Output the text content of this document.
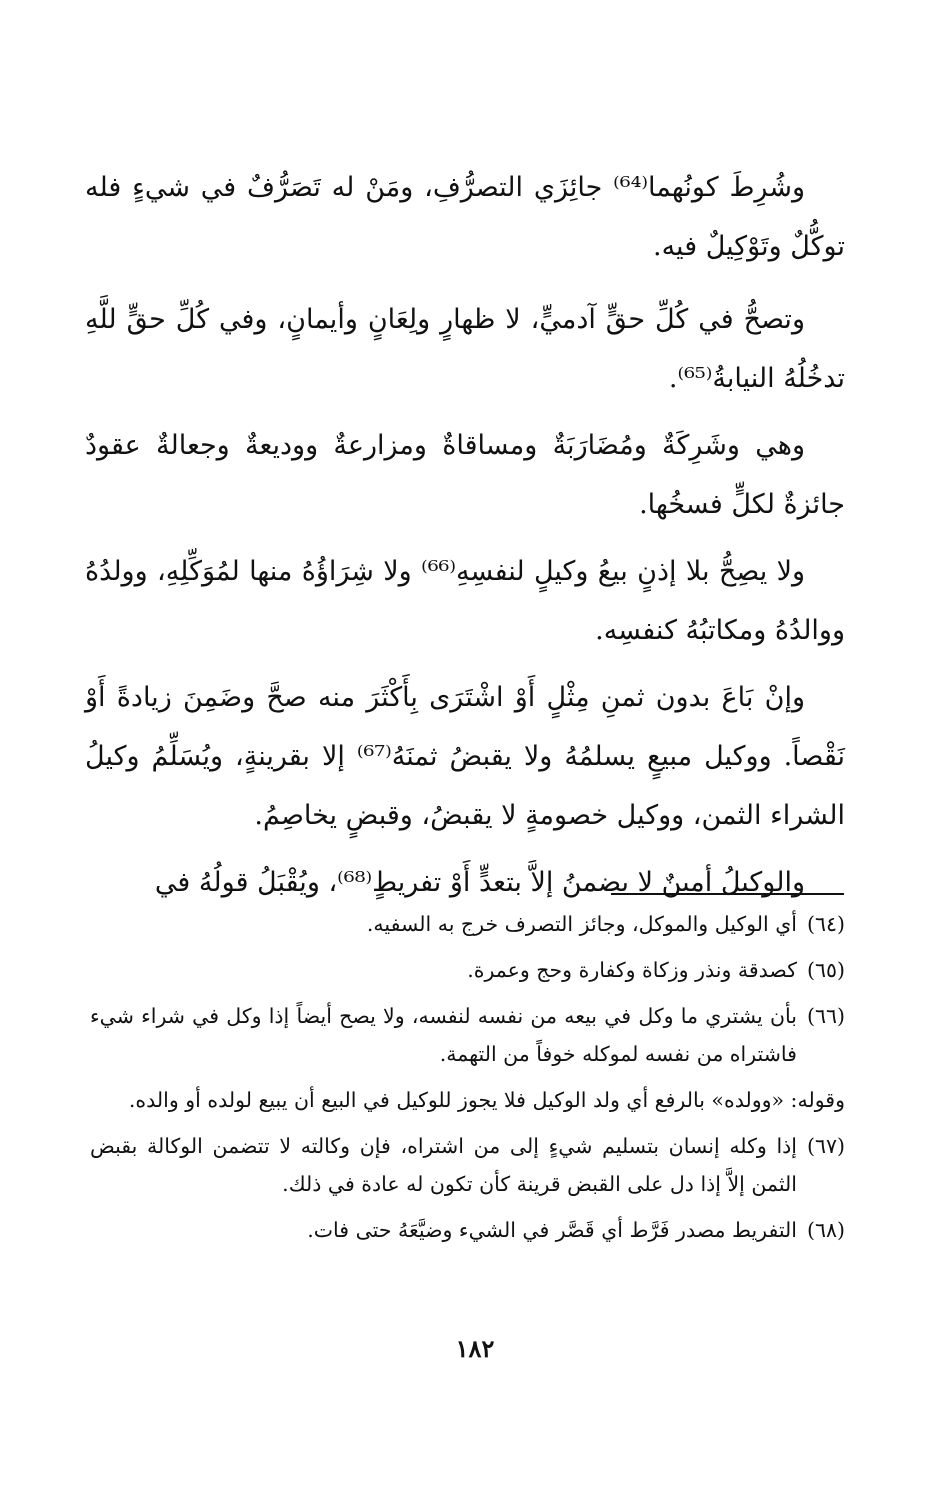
وشُرِطَ كونُهما⁽⁶⁴⁾ جائِزَي التصرُّفِ، ومَنْ له تَصَرُّفٌ في شيءٍ فله توكُّلٌ وتَوْكِيلٌ فيه.

وتصحُّ في كُلِّ حقٍّ آدميٍّ، لا ظهارٍ ولِعَانٍ وأيمانٍ، وفي كُلِّ حقٍّ للَّهِ تدخُلُهُ النيابةُ⁽⁶⁵⁾.

وهي وشَرِكَةٌ ومُضَارَبَةٌ ومساقاةٌ ومزارعةٌ ووديعةٌ وجعالةٌ عقودٌ جائزةٌ لكلٍّ فسخُها.

ولا يصِحُّ بلا إذنٍ بيعُ وكيلٍ لنفسِهِ⁽⁶⁶⁾ ولا شِرَاؤُهُ منها لمُوَكِّلِهِ، وولدُهُ ووالدُهُ ومكاتبُهُ كنفسِه.

وإنْ بَاعَ بدون ثمنِ مِثْلٍ أَوْ اشْتَرَى بِأَكْثَرَ منه صحَّ وضَمِنَ زيادةً أَوْ نَقْصاً. ووكيل مبيعٍ يسلمُهُ ولا يقبضُ ثمنَهُ⁽⁶⁷⁾ إلا بقرينةٍ، ويُسَلِّمُ وكيلُ الشراء الثمن، ووكيل خصومةٍ لا يقبضُ، وقبضٍ يخاصِمُ.

والوكيلُ أمينٌ لا يضمنُ إلاَّ بتعدٍّ أَوْ تفريطٍ⁽⁶⁸⁾، ويُقْبَلُ قولُهُ في

(٦٤)
أي الوكيل والموكل، وجائز التصرف خرج به السفيه.
(٦٥)
كصدقة ونذر وزكاة وكفارة وحج وعمرة.
(٦٦)
بأن يشتري ما وكل في بيعه من نفسه لنفسه، ولا يصح أيضاً إذا وكل في شراء شيء فاشتراه من نفسه لموكله خوفاً من التهمة.
وقوله: «وولده» بالرفع أي ولد الوكيل فلا يجوز للوكيل في البيع أن يبيع لولده أو والده.
(٦٧)
إذا وكله إنسان بتسليم شيءٍ إلى من اشتراه، فإن وكالته لا تتضمن الوكالة بقبض الثمن إلاَّ إذا دل على القبض قرينة كأن تكون له عادة في ذلك.
(٦٨)
التفريط مصدر فَرَّط أي قَصَّر في الشيء وضيَّعَهُ حتى فات.
١٨٢
